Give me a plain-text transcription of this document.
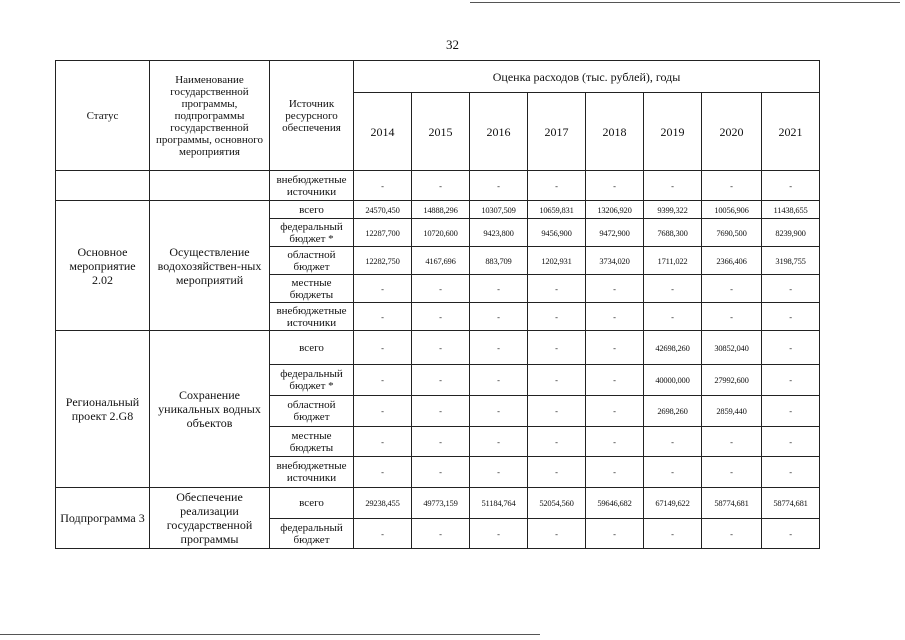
32
Статус	Наименование государственной программы, подпрограммы государственной программы, основного мероприятия	Источник ресурсного обеспечения	Оценка расходов (тыс. рублей), годы							
			2014	2015	2016	2017	2018	2019	2020	2021
		внебюджетные источники	-	-	-	-	-	-	-	-
Основное мероприятие 2.02	Осуществление водохозяйствен-ных мероприятий	всего	24570,450	14888,296	10307,509	10659,831	13206,920	9399,322	10056,906	11438,655
		федеральный бюджет *	12287,700	10720,600	9423,800	9456,900	9472,900	7688,300	7690,500	8239,900
		областной бюджет	12282,750	4167,696	883,709	1202,931	3734,020	1711,022	2366,406	3198,755
		местные бюджеты	-	-	-	-	-	-	-	-
		внебюджетные источники	-	-	-	-	-	-	-	-
Региональный проект 2.G8	Сохранение уникальных водных объектов	всего	-	-	-	-	-	42698,260	30852,040	-
		федеральный бюджет *	-	-	-	-	-	40000,000	27992,600	-
		областной бюджет	-	-	-	-	-	2698,260	2859,440	-
		местные бюджеты	-	-	-	-	-	-	-	-
		внебюджетные источники	-	-	-	-	-	-	-	-
Подпрограмма 3	Обеспечение реализации государственной программы	всего	29238,455	49773,159	51184,764	52054,560	59646,682	67149,622	58774,681	58774,681
		федеральный бюджет	-	-	-	-	-	-	-	-
